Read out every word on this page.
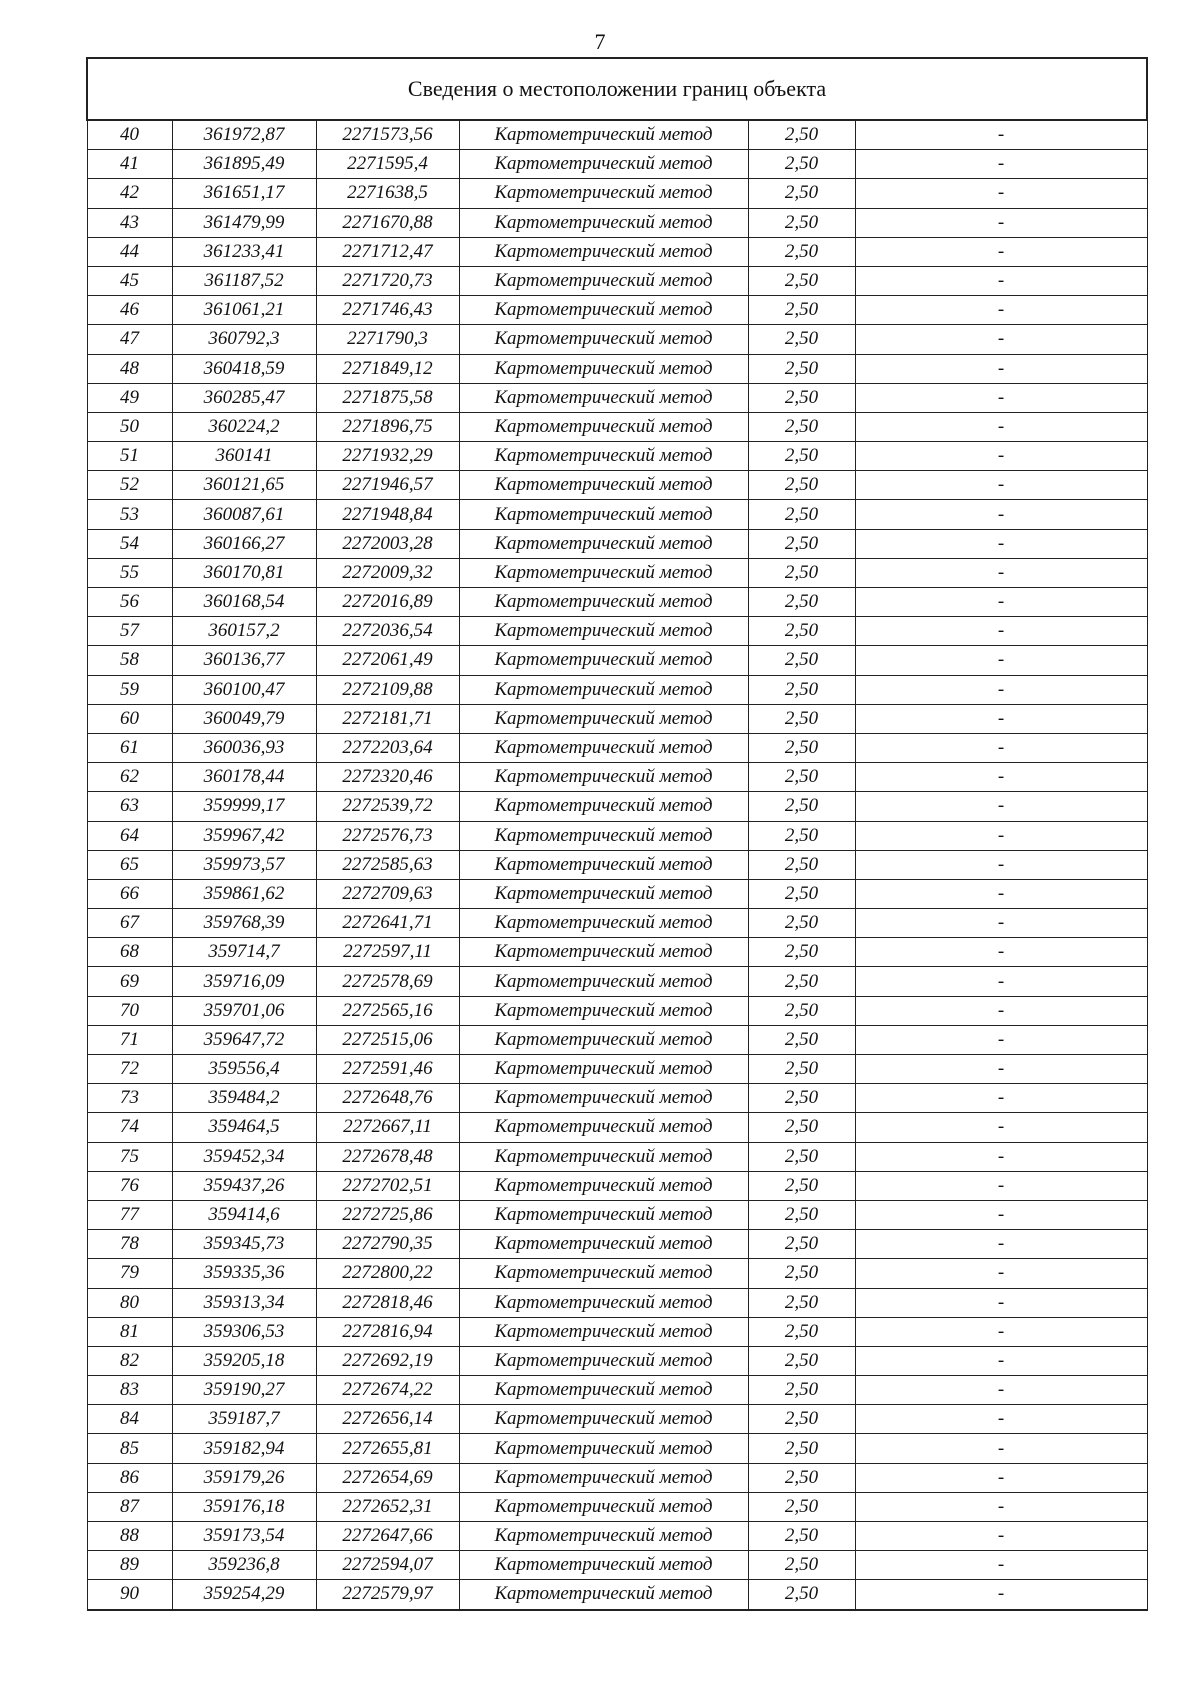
7
Сведения о местоположении границ объекта					
40	361972,87	2271573,56	Картометрический метод	2,50	-
41	361895,49	2271595,4	Картометрический метод	2,50	-
42	361651,17	2271638,5	Картометрический метод	2,50	-
43	361479,99	2271670,88	Картометрический метод	2,50	-
44	361233,41	2271712,47	Картометрический метод	2,50	-
45	361187,52	2271720,73	Картометрический метод	2,50	-
46	361061,21	2271746,43	Картометрический метод	2,50	-
47	360792,3	2271790,3	Картометрический метод	2,50	-
48	360418,59	2271849,12	Картометрический метод	2,50	-
49	360285,47	2271875,58	Картометрический метод	2,50	-
50	360224,2	2271896,75	Картометрический метод	2,50	-
51	360141	2271932,29	Картометрический метод	2,50	-
52	360121,65	2271946,57	Картометрический метод	2,50	-
53	360087,61	2271948,84	Картометрический метод	2,50	-
54	360166,27	2272003,28	Картометрический метод	2,50	-
55	360170,81	2272009,32	Картометрический метод	2,50	-
56	360168,54	2272016,89	Картометрический метод	2,50	-
57	360157,2	2272036,54	Картометрический метод	2,50	-
58	360136,77	2272061,49	Картометрический метод	2,50	-
59	360100,47	2272109,88	Картометрический метод	2,50	-
60	360049,79	2272181,71	Картометрический метод	2,50	-
61	360036,93	2272203,64	Картометрический метод	2,50	-
62	360178,44	2272320,46	Картометрический метод	2,50	-
63	359999,17	2272539,72	Картометрический метод	2,50	-
64	359967,42	2272576,73	Картометрический метод	2,50	-
65	359973,57	2272585,63	Картометрический метод	2,50	-
66	359861,62	2272709,63	Картометрический метод	2,50	-
67	359768,39	2272641,71	Картометрический метод	2,50	-
68	359714,7	2272597,11	Картометрический метод	2,50	-
69	359716,09	2272578,69	Картометрический метод	2,50	-
70	359701,06	2272565,16	Картометрический метод	2,50	-
71	359647,72	2272515,06	Картометрический метод	2,50	-
72	359556,4	2272591,46	Картометрический метод	2,50	-
73	359484,2	2272648,76	Картометрический метод	2,50	-
74	359464,5	2272667,11	Картометрический метод	2,50	-
75	359452,34	2272678,48	Картометрический метод	2,50	-
76	359437,26	2272702,51	Картометрический метод	2,50	-
77	359414,6	2272725,86	Картометрический метод	2,50	-
78	359345,73	2272790,35	Картометрический метод	2,50	-
79	359335,36	2272800,22	Картометрический метод	2,50	-
80	359313,34	2272818,46	Картометрический метод	2,50	-
81	359306,53	2272816,94	Картометрический метод	2,50	-
82	359205,18	2272692,19	Картометрический метод	2,50	-
83	359190,27	2272674,22	Картометрический метод	2,50	-
84	359187,7	2272656,14	Картометрический метод	2,50	-
85	359182,94	2272655,81	Картометрический метод	2,50	-
86	359179,26	2272654,69	Картометрический метод	2,50	-
87	359176,18	2272652,31	Картометрический метод	2,50	-
88	359173,54	2272647,66	Картометрический метод	2,50	-
89	359236,8	2272594,07	Картометрический метод	2,50	-
90	359254,29	2272579,97	Картометрический метод	2,50	-
